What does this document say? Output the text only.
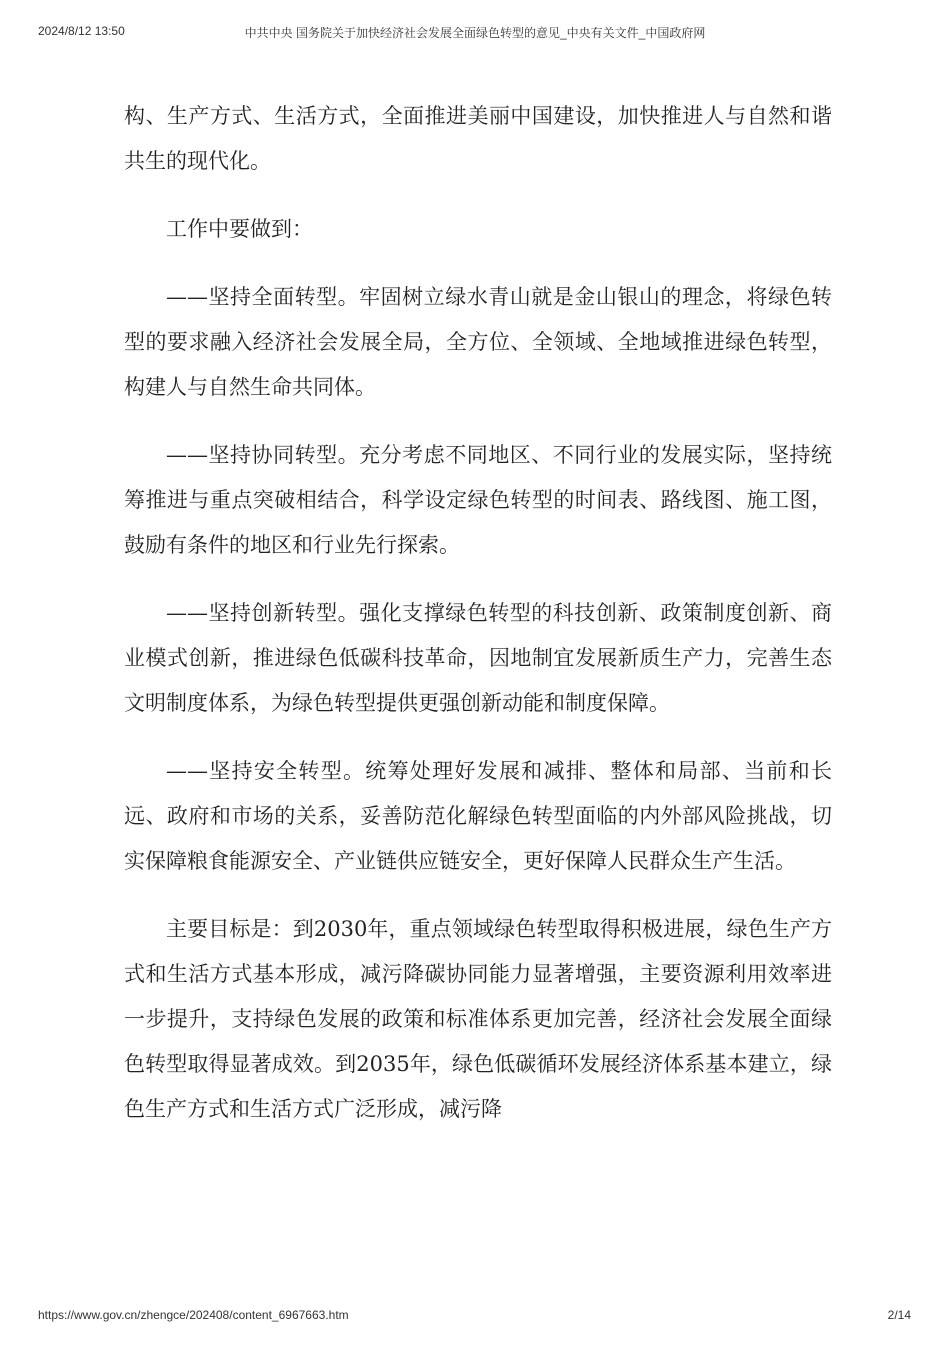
中共中央 国务院关于加快经济社会发展全面绿色转型的意见_中央有关文件_中国政府网
2024/8/12 13:50

构、生产方式、生活方式，全面推进美丽中国建设，加快推进人与自然和谐共生的现代化。

工作中要做到：

——坚持全面转型。牢固树立绿水青山就是金山银山的理念，将绿色转型的要求融入经济社会发展全局，全方位、全领域、全地域推进绿色转型，构建人与自然生命共同体。

——坚持协同转型。充分考虑不同地区、不同行业的发展实际，坚持统筹推进与重点突破相结合，科学设定绿色转型的时间表、路线图、施工图，鼓励有条件的地区和行业先行探索。

——坚持创新转型。强化支撑绿色转型的科技创新、政策制度创新、商业模式创新，推进绿色低碳科技革命，因地制宜发展新质生产力，完善生态文明制度体系，为绿色转型提供更强创新动能和制度保障。

——坚持安全转型。统筹处理好发展和减排、整体和局部、当前和长远、政府和市场的关系，妥善防范化解绿色转型面临的内外部风险挑战，切实保障粮食能源安全、产业链供应链安全，更好保障人民群众生产生活。

主要目标是：到2030年，重点领域绿色转型取得积极进展，绿色生产方式和生活方式基本形成，减污降碳协同能力显著增强，主要资源利用效率进一步提升，支持绿色发展的政策和标准体系更加完善，经济社会发展全面绿色转型取得显著成效。到2035年，绿色低碳循环发展经济体系基本建立，绿色生产方式和生活方式广泛形成，减污降

https://www.gov.cn/zhengce/202408/content_6967663.htm	2/14
